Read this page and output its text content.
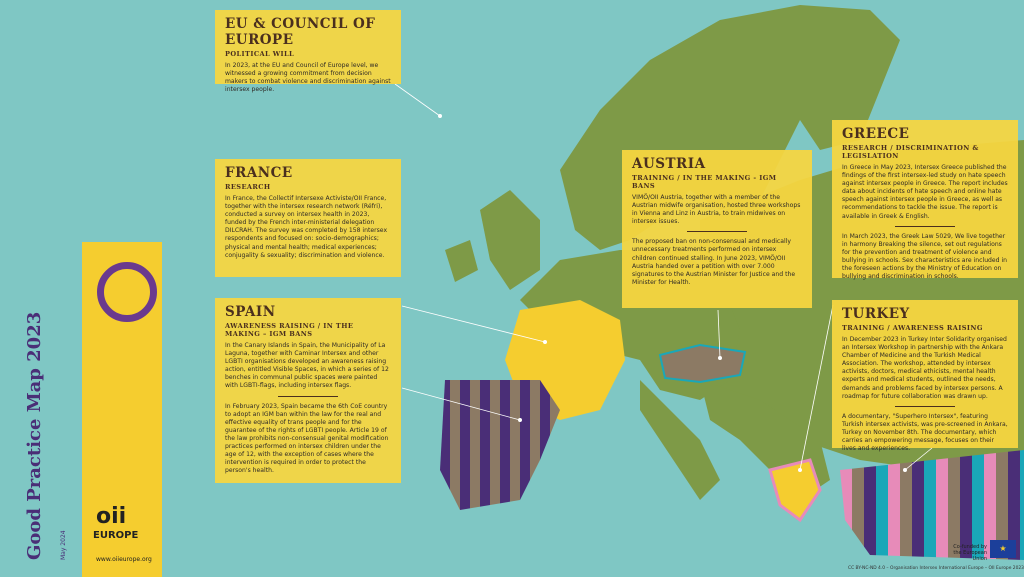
EU & COUNCIL OF EUROPE
POLITICAL WILL

In 2023, at the EU and Council of Europe level, we witnessed a growing commitment from decision makers to combat violence and discrimination against intersex people.

FRANCE
RESEARCH

In France, the Collectif Intersexe Activiste/OII France, together with the intersex research network (Réfri), conducted a survey on intersex health in 2023, funded by the French inter-ministerial delegation DILCRAH. The survey was completed by 158 intersex respondents and focused on: socio-demographics; physical and mental health; medical experiences; conjugality & sexuality; discrimination and violence.

SPAIN
AWARENESS RAISING / IN THE MAKING – IGM BANS

In the Canary Islands in Spain, the Municipality of La Laguna, together with Caminar Intersex and other LGBTI organisations developed an awareness raising action, entitled Visible Spaces, in which a series of 12 benches in communal public spaces were painted with LGBTI-flags, including intersex flags.

In February 2023, Spain became the 6th CoE country to adopt an IGM ban within the law for the real and effective equality of trans people and for the guarantee of the rights of LGBTI people. Article 19 of the law prohibits non-consensual genital modification practices performed on intersex children under the age of 12, with the exception of cases where the intervention is required in order to protect the person's health.

AUSTRIA
TRAINING / IN THE MAKING - IGM BANS

VIMÖ/OII Austria, together with a member of the Austrian midwife organisation, hosted three workshops in Vienna and Linz in Austria, to train midwives on intersex issues.

The proposed ban on non-consensual and medically unnecessary treatments performed on intersex children continued stalling. In June 2023, VIMÖ/OII Austria handed over a petition with over 7.000 signatures to the Austrian Minister for Justice and the Minister for Health.

GREECE
RESEARCH / DISCRIMINATION & LEGISLATION

In Greece in May 2023, Intersex Greece published the findings of the first intersex-led study on hate speech against intersex people in Greece. The report includes data about incidents of hate speech and online hate speech against intersex people in Greece, as well as recommendations to tackle the issue. The report is available in Greek & English.

In March 2023, the Greek Law 5029, We live together in harmony Breaking the silence, set out regulations for the prevention and treatment of violence and bullying in schools. Sex characteristics are included in the foreseen actions by the Ministry of Education on bullying and discrimination in schools.

TURKEY
TRAINING / AWARENESS RAISING

In December 2023 in Turkey Inter Solidarity organised an Intersex Workshop in partnership with the Ankara Chamber of Medicine and the Turkish Medical Association. The workshop, attended by intersex activists, doctors, medical ethicists, mental health experts and medical students, outlined the needs, demands and problems faced by intersex persons. A roadmap for future collaboration was drawn up.

A documentary, "Superhero Intersex", featuring Turkish intersex activists, was pre-screened in Ankara, Turkey on November 8th. The documentary, which carries an empowering message, focuses on their lives and experiences.

Good Practice Map 2023	May 2024
oii
EUROPE
www.oiieurope.org
Co-funded by the European Union
★
CC BY-NC-ND 4.0 – Organisation Intersex International Europe – OII Europe 2023
